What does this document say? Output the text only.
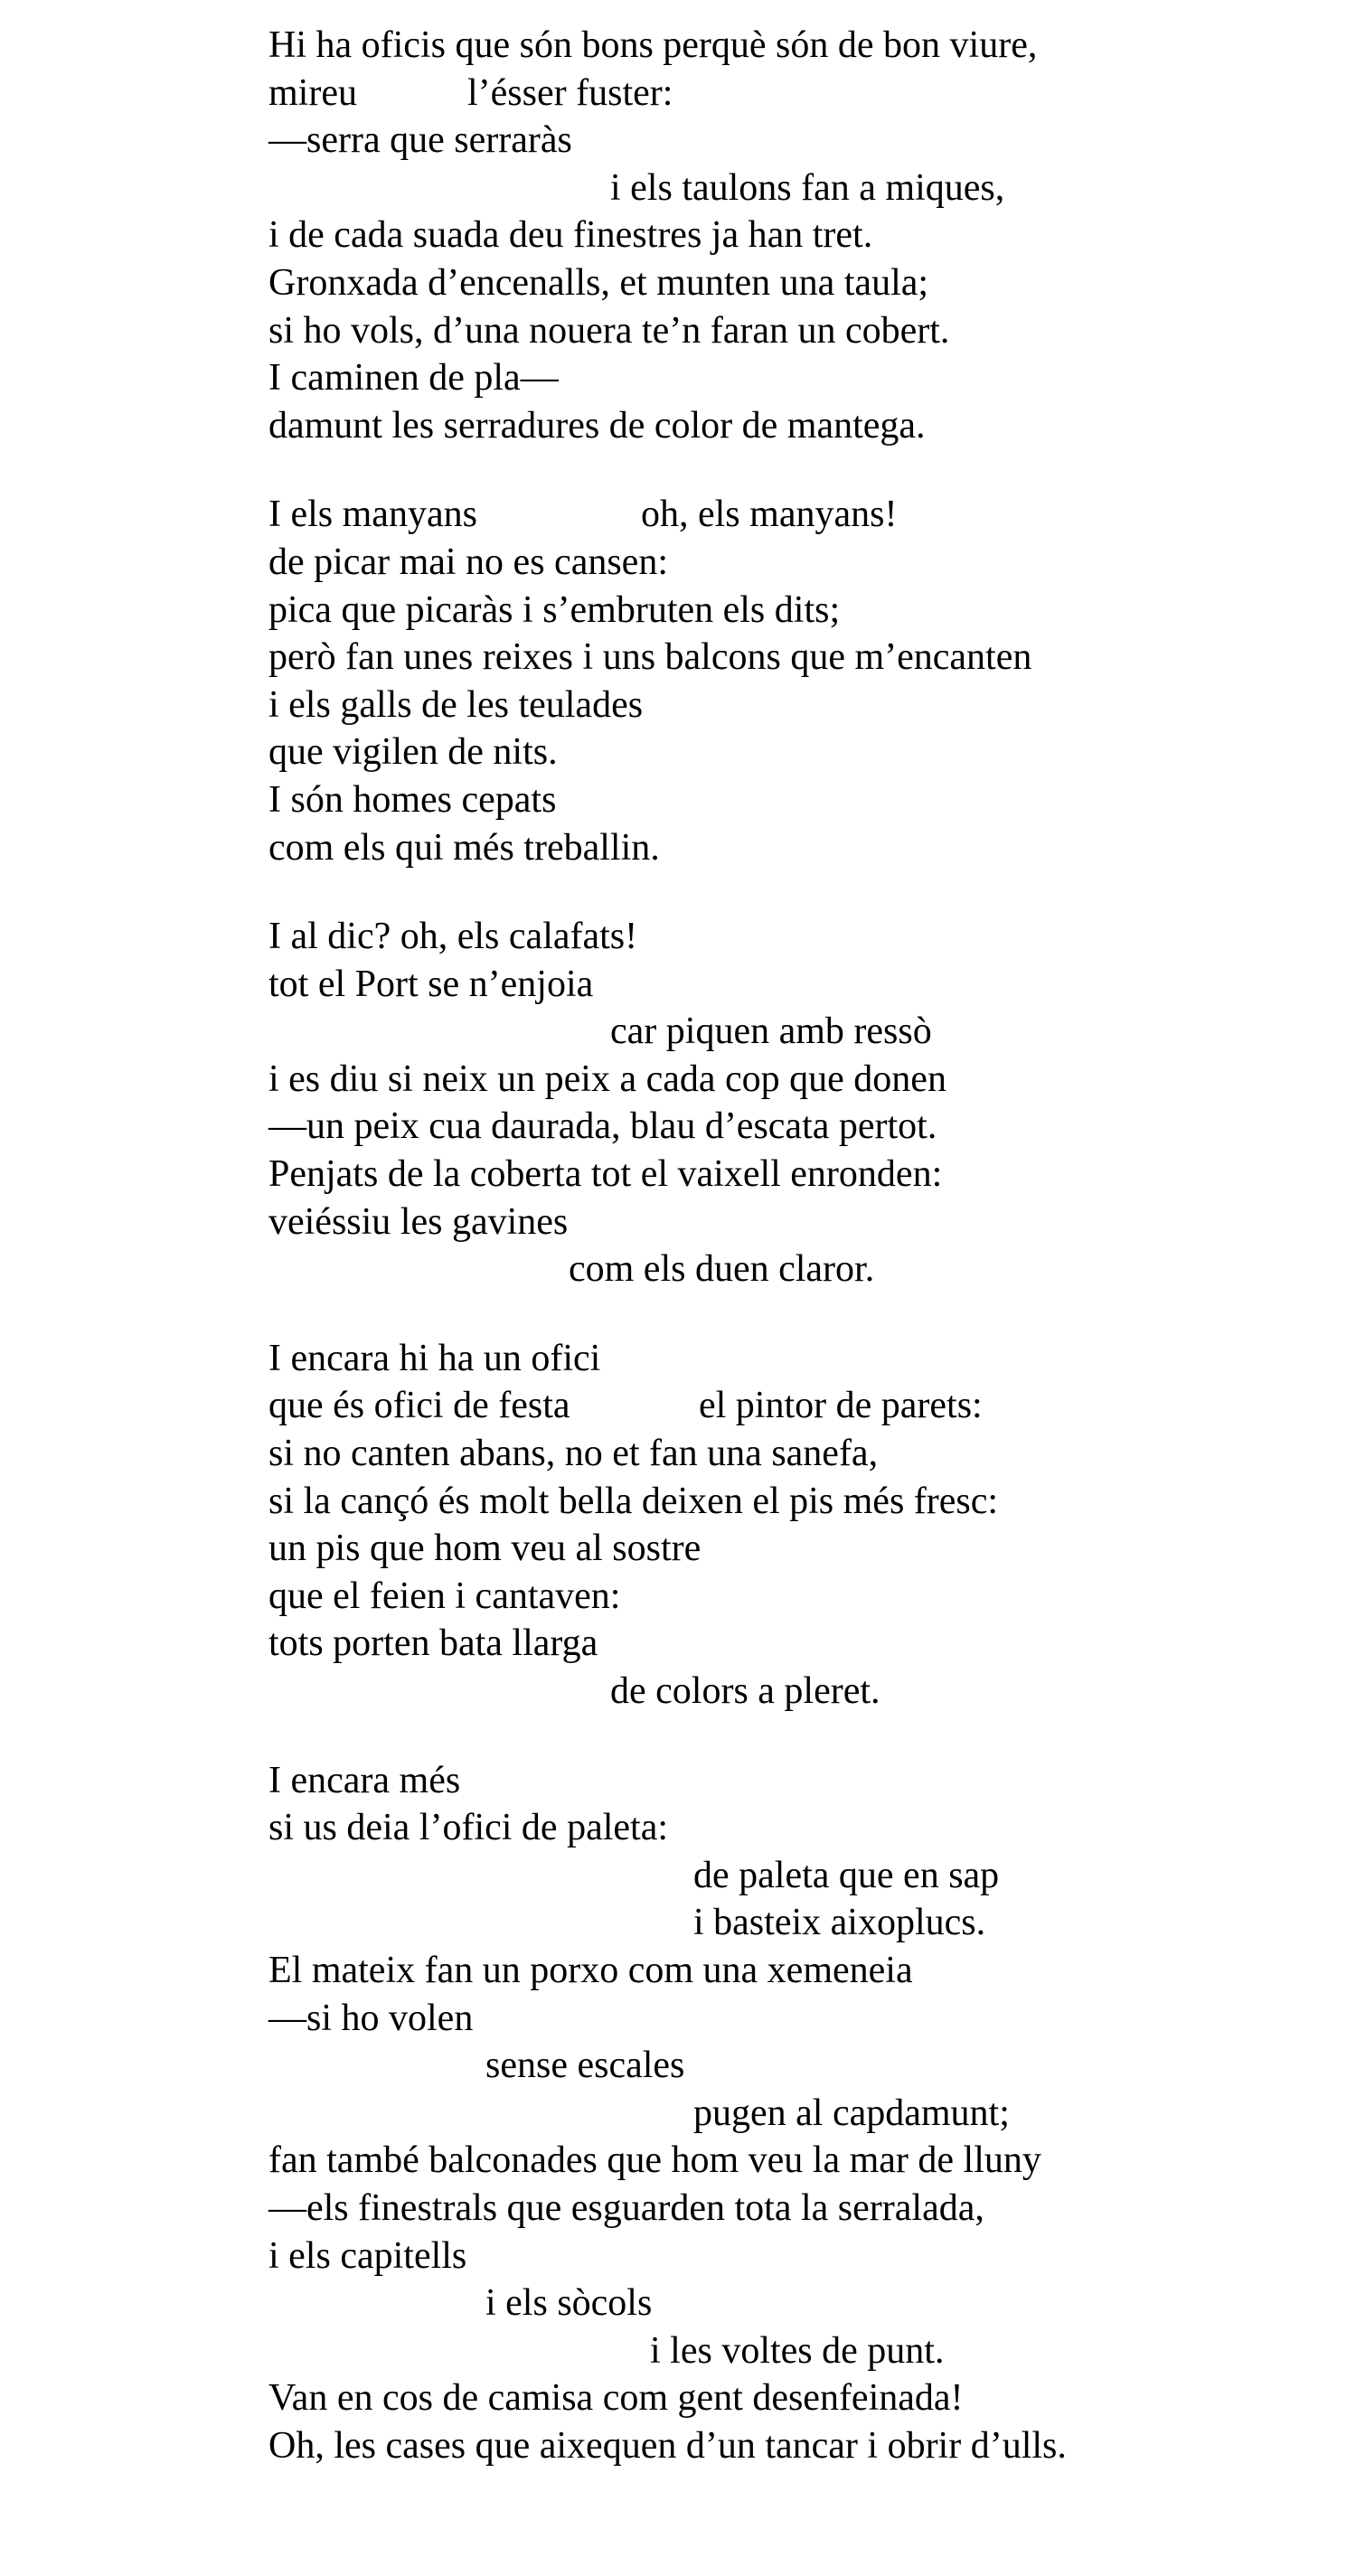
Hi ha oficis que són bons perquè són de bon viure,
mireu	l’ésser fuster:
—serra que serraràs
i els taulons fan a miques,
i de cada suada deu finestres ja han tret.
Gronxada d’encenalls, et munten una taula;
si ho vols, d’una nouera te’n faran un cobert.
I caminen de pla—
damunt les serradures de color de mantega.
I els manyans	oh, els manyans!
de picar mai no es cansen:
pica que picaràs i s’embruten els dits;
però fan unes reixes i uns balcons que m’encanten
i els galls de les teulades
que vigilen de nits.
I són homes cepats
com els qui més treballin.
I al dic? oh, els calafats!
tot el Port se n’enjoia
car piquen amb ressò
i es diu si neix un peix a cada cop que donen
—un peix cua daurada, blau d’escata pertot.
Penjats de la coberta tot el vaixell enronden:
veiéssiu les gavines
com els duen claror.
I encara hi ha un ofici
que és ofici de festa	el pintor de parets:
si no canten abans, no et fan una sanefa,
si la cançó és molt bella deixen el pis més fresc:
un pis que hom veu al sostre
que el feien i cantaven:
tots porten bata llarga
de colors a pleret.
I encara més
si us deia l’ofici de paleta:
de paleta que en sap
i basteix aixoplucs.
El mateix fan un porxo com una xemeneia
—si ho volen
sense escales
pugen al capdamunt;
fan també balconades que hom veu la mar de lluny
—els finestrals que esguarden tota la serralada,
i els capitells
i els sòcols
i les voltes de punt.
Van en cos de camisa com gent desenfeinada!
Oh, les cases que aixequen d’un tancar i obrir d’ulls.
